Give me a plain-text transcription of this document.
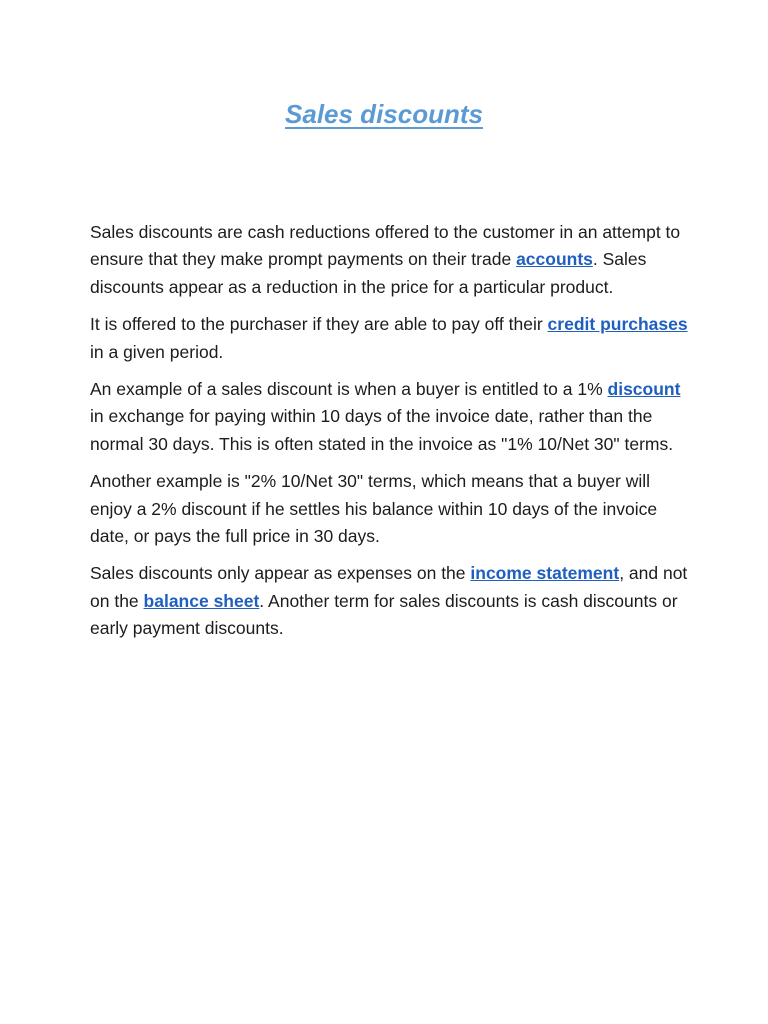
Sales discounts

Sales discounts are cash reductions offered to the customer in an attempt to ensure that they make prompt payments on their trade accounts. Sales discounts appear as a reduction in the price for a particular product.

It is offered to the purchaser if they are able to pay off their credit purchases in a given period.

An example of a sales discount is when a buyer is entitled to a 1% discount in exchange for paying within 10 days of the invoice date, rather than the normal 30 days. This is often stated in the invoice as "1% 10/Net 30" terms.

Another example is "2% 10/Net 30" terms, which means that a buyer will enjoy a 2% discount if he settles his balance within 10 days of the invoice date, or pays the full price in 30 days.

Sales discounts only appear as expenses on the income statement, and not on the balance sheet. Another term for sales discounts is cash discounts or early payment discounts.
